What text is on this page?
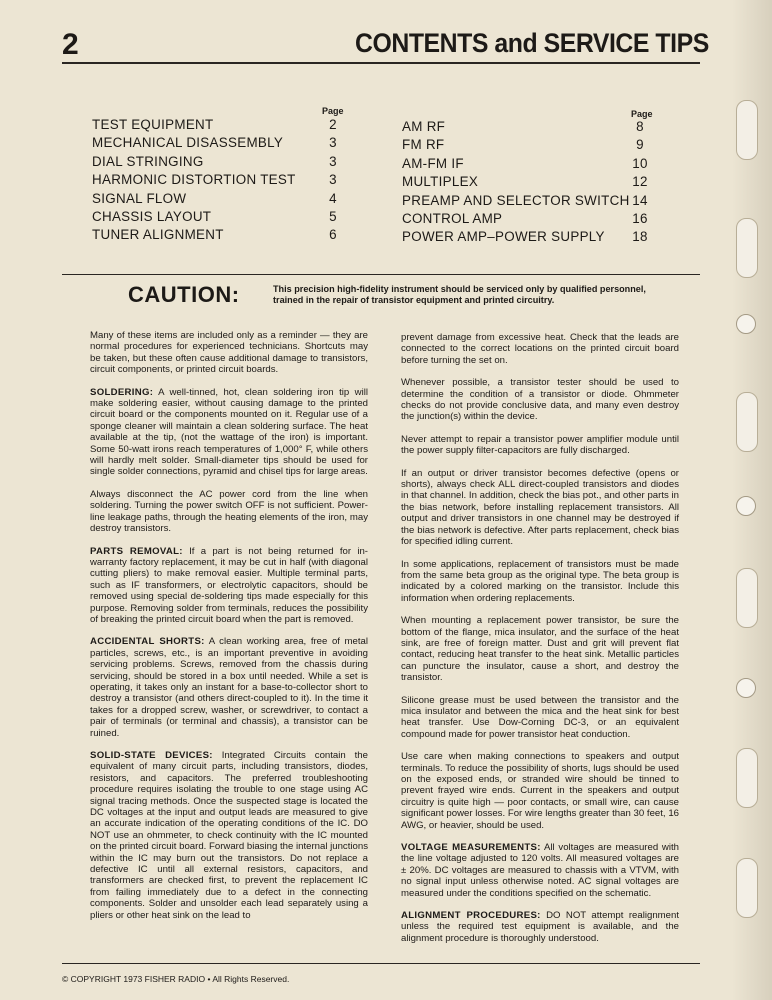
2	CONTENTS and SERVICE TIPS
Page	Page
TEST EQUIPMENT	2
MECHANICAL DISASSEMBLY	3
DIAL STRINGING	3
HARMONIC DISTORTION TEST	3
SIGNAL FLOW	4
CHASSIS LAYOUT	5
TUNER ALIGNMENT	6
AM RF	8
FM RF	9
AM-FM IF	10
MULTIPLEX	12
PREAMP AND SELECTOR SWITCH 14
CONTROL AMP	16
POWER AMP–POWER SUPPLY 18
CAUTION:	This precision high-fidelity instrument should be serviced only by qualified personnel, trained in the repair of transistor equipment and printed circuitry.

Many of these items are included only as a reminder — they are normal procedures for experienced technicians. Shortcuts may be taken, but these often cause additional damage to transistors, circuit components, or printed circuit boards.

SOLDERING: A well-tinned, hot, clean soldering iron tip will make soldering easier, without causing damage to the printed circuit board or the components mounted on it. Regular use of a sponge cleaner will maintain a clean soldering surface. The heat available at the tip, (not the wattage of the iron) is important. Some 50-watt irons reach temperatures of 1,000° F, while others will hardly melt solder. Small-diameter tips should be used for single solder connections, pyramid and chisel tips for large areas.

Always disconnect the AC power cord from the line when soldering. Turning the power switch OFF is not sufficient. Power-line leakage paths, through the heating elements of the iron, may destroy transistors.

PARTS REMOVAL: If a part is not being returned for in-warranty factory replacement, it may be cut in half (with diagonal cutting pliers) to make removal easier. Multiple terminal parts, such as IF transformers, or electrolytic capacitors, should be removed using special de-soldering tips made especially for this purpose. Removing solder from terminals, reduces the possibility of breaking the printed circuit board when the part is removed.

ACCIDENTAL SHORTS: A clean working area, free of metal particles, screws, etc., is an important preventive in avoiding servicing problems. Screws, removed from the chassis during servicing, should be stored in a box until needed. While a set is operating, it takes only an instant for a base-to-collector short to destroy a transistor (and others direct-coupled to it). In the time it takes for a dropped screw, washer, or screwdriver, to contact a pair of terminals (or terminal and chassis), a transistor can be ruined.

SOLID-STATE DEVICES: Integrated Circuits contain the equivalent of many circuit parts, including transistors, diodes, resistors, and capacitors. The preferred troubleshooting procedure requires isolating the trouble to one stage using AC signal tracing methods. Once the suspected stage is located the DC voltages at the input and output leads are measured to give an accurate indication of the operating conditions of the IC. DO NOT use an ohmmeter, to check continuity with the IC mounted on the printed circuit board. Forward biasing the internal junctions within the IC may burn out the transistors. Do not replace a defective IC until all external resistors, capacitors, and transformers are checked first, to prevent the replacement IC from failing immediately due to a defect in the connecting components. Solder and unsolder each lead separately using a pliers or other heat sink on the lead to

prevent damage from excessive heat. Check that the leads are connected to the correct locations on the printed circuit board before turning the set on.

Whenever possible, a transistor tester should be used to determine the condition of a transistor or diode. Ohmmeter checks do not provide conclusive data, and many even destroy the junction(s) within the device.

Never attempt to repair a transistor power amplifier module until the power supply filter-capacitors are fully discharged.

If an output or driver transistor becomes defective (opens or shorts), always check ALL direct-coupled transistors and diodes in that channel. In addition, check the bias pot., and other parts in the bias network, before installing replacement transistors. All output and driver transistors in one channel may be destroyed if the bias network is defective. After parts replacement, check bias for specified idling current.

In some applications, replacement of transistors must be made from the same beta group as the original type. The beta group is indicated by a colored marking on the transistor. Include this information when ordering replacements.

When mounting a replacement power transistor, be sure the bottom of the flange, mica insulator, and the surface of the heat sink, are free of foreign matter. Dust and grit will prevent flat contact, reducing heat transfer to the heat sink. Metallic particles can puncture the insulator, cause a short, and destroy the transistor.

Silicone grease must be used between the transistor and the mica insulator and between the mica and the heat sink for best heat transfer. Use Dow-Corning DC-3, or an equivalent compound made for power transistor heat conduction.

Use care when making connections to speakers and output terminals. To reduce the possibility of shorts, lugs should be used on the exposed ends, or stranded wire should be tinned to prevent frayed wire ends. Current in the speakers and output circuitry is quite high — poor contacts, or small wire, can cause significant power losses. For wire lengths greater than 30 feet, 16 AWG, or heavier, should be used.

VOLTAGE MEASUREMENTS: All voltages are measured with the line voltage adjusted to 120 volts. All measured voltages are ± 20%. DC voltages are measured to chassis with a VTVM, with no signal input unless otherwise noted. AC signal voltages are measured under the conditions specified on the schematic.

ALIGNMENT PROCEDURES: DO NOT attempt realignment unless the required test equipment is available, and the alignment procedure is thoroughly understood.

© COPYRIGHT 1973 FISHER RADIO • All Rights Reserved.
